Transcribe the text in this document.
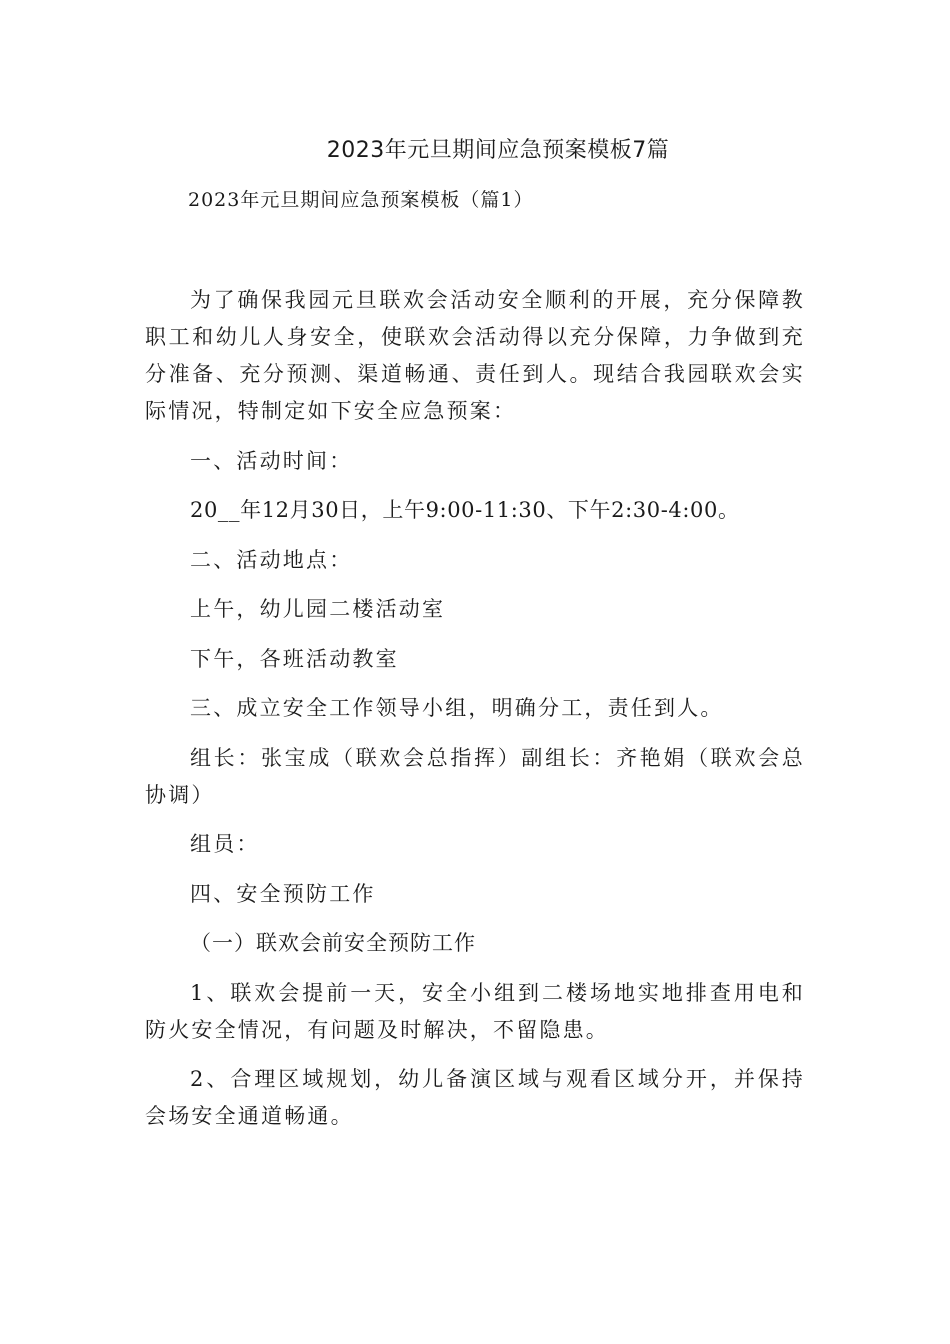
2023年元旦期间应急预案模板7篇
2023年元旦期间应急预案模板（篇1）

为了确保我园元旦联欢会活动安全顺利的开展，充分保障教职工和幼儿人身安全，使联欢会活动得以充分保障，力争做到充分准备、充分预测、渠道畅通、责任到人。现结合我园联欢会实际情况，特制定如下安全应急预案：

一、活动时间：

20__年12月30日，上午9:00-11:30、下午2:30-4:00。

二、活动地点：

上午，幼儿园二楼活动室

下午，各班活动教室

三、成立安全工作领导小组，明确分工，责任到人。

组长：张宝成（联欢会总指挥）副组长：齐艳娟（联欢会总协调）

组员：

四、安全预防工作

（一）联欢会前安全预防工作

1、联欢会提前一天，安全小组到二楼场地实地排查用电和防火安全情况，有问题及时解决，不留隐患。

2、合理区域规划，幼儿备演区域与观看区域分开，并保持会场安全通道畅通。
